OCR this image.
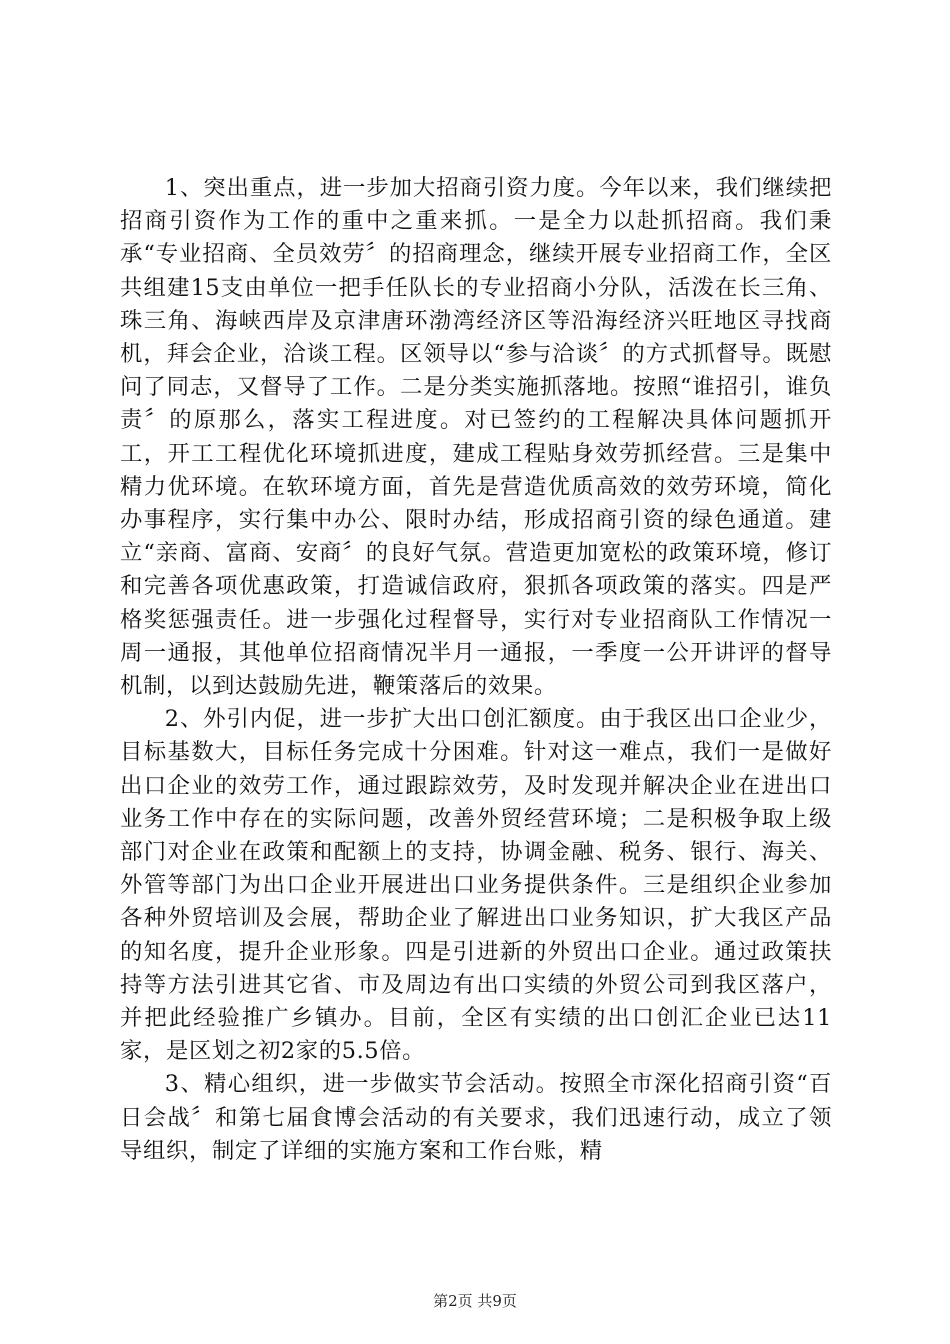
1、突出重点，进一步加大招商引资力度。今年以来，我们继续把招商引资作为工作的重中之重来抓。一是全力以赴抓招商。我们秉承“专业招商、全员效劳〞的招商理念，继续开展专业招商工作，全区共组建15支由单位一把手任队长的专业招商小分队，活泼在长三角、珠三角、海峡西岸及京津唐环渤湾经济区等沿海经济兴旺地区寻找商机，拜会企业，洽谈工程。区领导以“参与洽谈〞的方式抓督导。既慰问了同志，又督导了工作。二是分类实施抓落地。按照“谁招引，谁负责〞的原那么，落实工程进度。对已签约的工程解决具体问题抓开工，开工工程优化环境抓进度，建成工程贴身效劳抓经营。三是集中精力优环境。在软环境方面，首先是营造优质高效的效劳环境，简化办事程序，实行集中办公、限时办结，形成招商引资的绿色通道。建立“亲商、富商、安商〞的良好气氛。营造更加宽松的政策环境，修订和完善各项优惠政策，打造诚信政府，狠抓各项政策的落实。四是严格奖惩强责任。进一步强化过程督导，实行对专业招商队工作情况一周一通报，其他单位招商情况半月一通报，一季度一公开讲评的督导机制，以到达鼓励先进，鞭策落后的效果。

2、外引内促，进一步扩大出口创汇额度。由于我区出口企业少，目标基数大，目标任务完成十分困难。针对这一难点，我们一是做好出口企业的效劳工作，通过跟踪效劳，及时发现并解决企业在进出口业务工作中存在的实际问题，改善外贸经营环境；二是积极争取上级部门对企业在政策和配额上的支持，协调金融、税务、银行、海关、外管等部门为出口企业开展进出口业务提供条件。三是组织企业参加各种外贸培训及会展，帮助企业了解进出口业务知识，扩大我区产品的知名度，提升企业形象。四是引进新的外贸出口企业。通过政策扶持等方法引进其它省、市及周边有出口实绩的外贸公司到我区落户，并把此经验推广乡镇办。目前，全区有实绩的出口创汇企业已达11家，是区划之初2家的5.5倍。

3、精心组织，进一步做实节会活动。按照全市深化招商引资“百日会战〞和第七届食博会活动的有关要求，我们迅速行动，成立了领导组织，制定了详细的实施方案和工作台账，精

第2页 共9页
